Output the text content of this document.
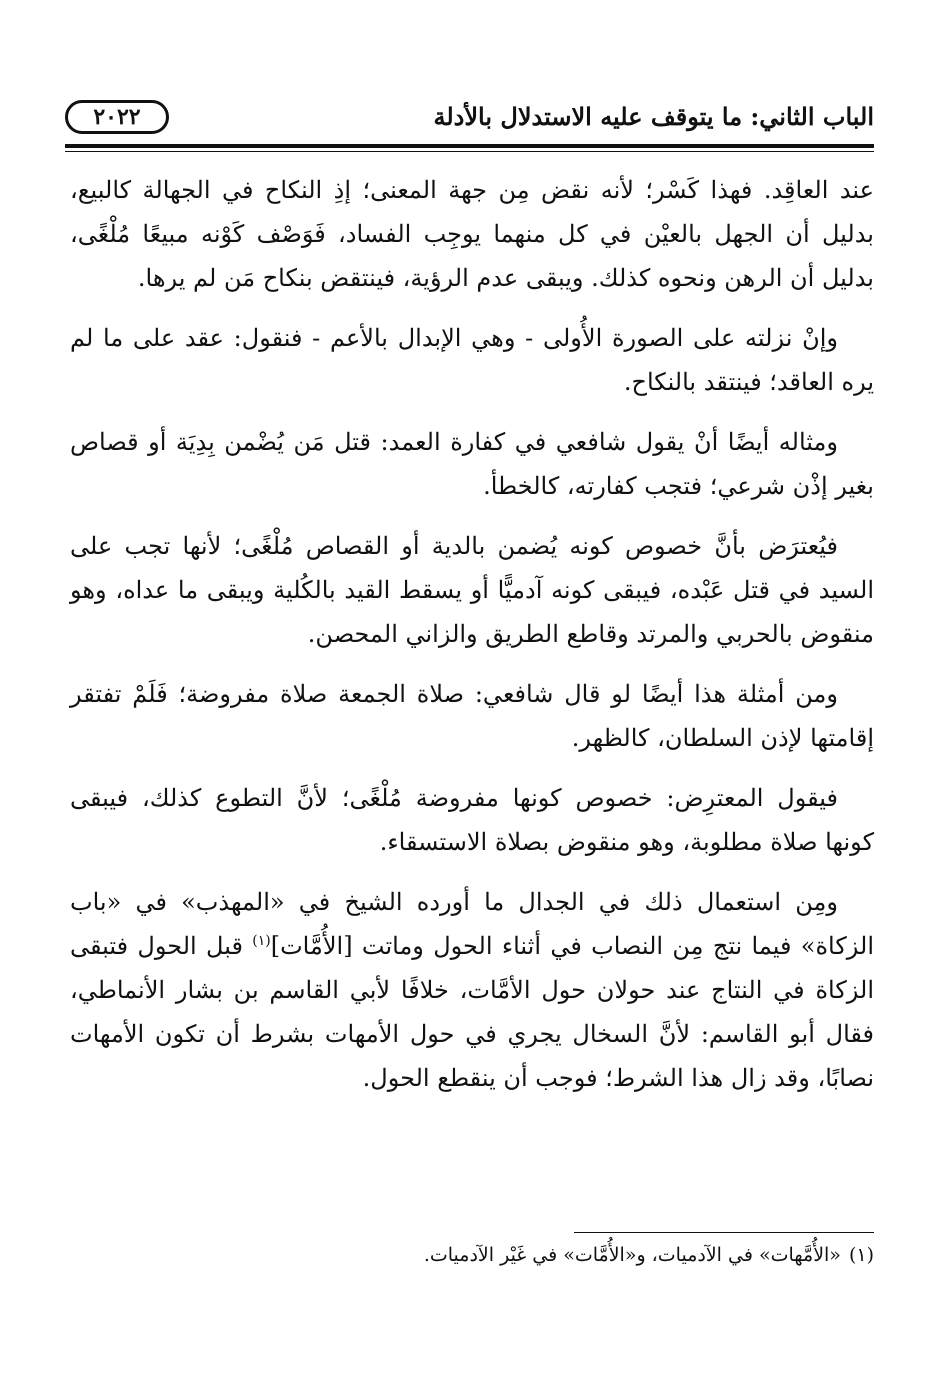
الباب الثاني: ما يتوقف عليه الاستدلال بالأدلة
٢٠٢٢

عند العاقِد. فهذا كَسْر؛ لأنه نقض مِن جهة المعنى؛ إذِ النكاح في الجهالة كالبيع، بدليل أن الجهل بالعيْن في كل منهما يوجِب الفساد، فَوَصْف كَوْنه مبيعًا مُلْغًى، بدليل أن الرهن ونحوه كذلك. ويبقى عدم الرؤية، فينتقض بنكاح مَن لم يرها.

وإنْ نزلته على الصورة الأُولى - وهي الإبدال بالأعم - فنقول: عقد على ما لم يره العاقد؛ فينتقد بالنكاح.

ومثاله أيضًا أنْ يقول شافعي في كفارة العمد: قتل مَن يُضْمن بِدِيَة أو قصاص بغير إذْن شرعي؛ فتجب كفارته، كالخطأ.

فيُعترَض بأنَّ خصوص كونه يُضمن بالدية أو القصاص مُلْغًى؛ لأنها تجب على السيد في قتل عَبْده، فيبقى كونه آدميًّا أو يسقط القيد بالكُلية ويبقى ما عداه، وهو منقوض بالحربي والمرتد وقاطع الطريق والزاني المحصن.

ومن أمثلة هذا أيضًا لو قال شافعي: صلاة الجمعة صلاة مفروضة؛ فَلَمْ تفتقر إقامتها لإذن السلطان، كالظهر.

فيقول المعترِض: خصوص كونها مفروضة مُلْغًى؛ لأنَّ التطوع كذلك، فيبقى كونها صلاة مطلوبة، وهو منقوض بصلاة الاستسقاء.

ومِن استعمال ذلك في الجدال ما أورده الشيخ في «المهذب» في «باب الزكاة» فيما نتج مِن النصاب في أثناء الحول وماتت [الأُمَّات]$^{(١)}$ قبل الحول فتبقى الزكاة في النتاج عند حولان حول الأمَّات، خلافًا لأبي القاسم بن بشار الأنماطي، فقال أبو القاسم: لأنَّ السخال يجري في حول الأمهات بشرط أن تكون الأمهات نصابًا، وقد زال هذا الشرط؛ فوجب أن ينقطع الحول.

(١)«الأُمَّهات» في الآدميات، و«الأُمَّات» في غَيْر الآدميات.
